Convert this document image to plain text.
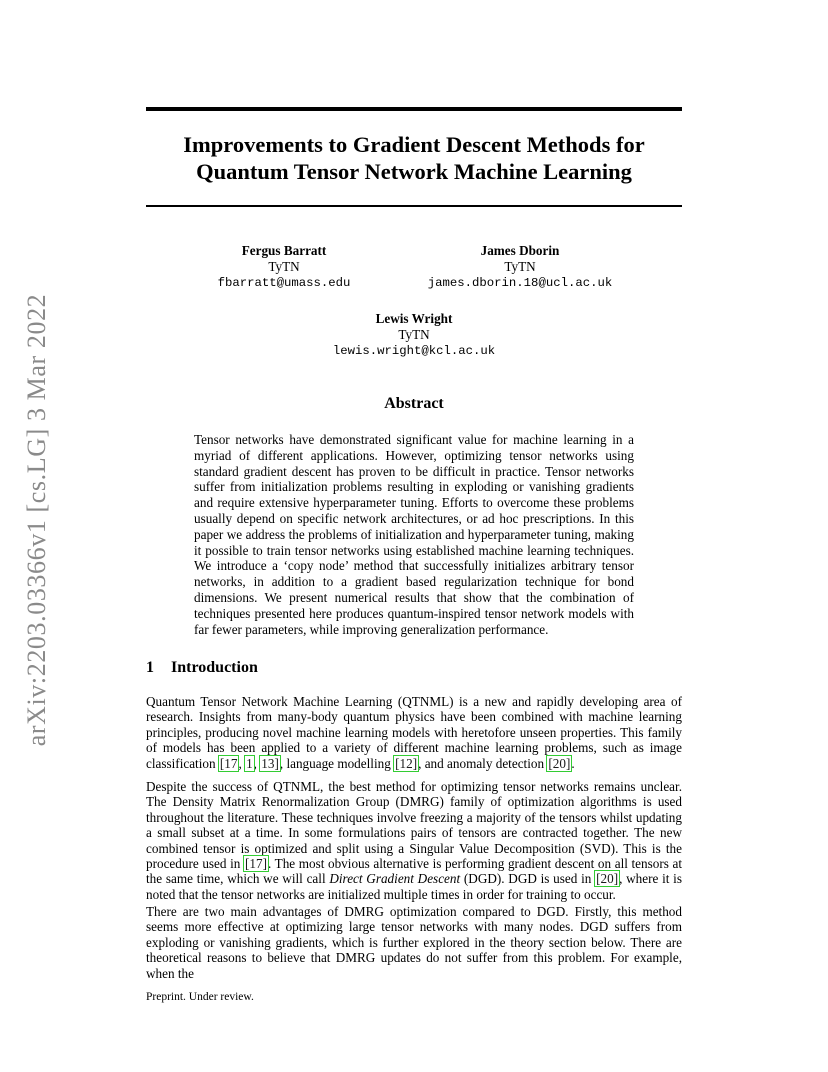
arXiv:2203.03366v1 [cs.LG] 3 Mar 2022
Improvements to Gradient Descent Methods for
Quantum Tensor Network Machine Learning
Fergus Barratt
TyTN
fbarratt@umass.edu
James Dborin
TyTN
james.dborin.18@ucl.ac.uk
Lewis Wright
TyTN
lewis.wright@kcl.ac.uk
Abstract

Tensor networks have demonstrated significant value for machine learning in a myriad of different applications. However, optimizing tensor networks using standard gradient descent has proven to be difficult in practice. Tensor networks suffer from initialization problems resulting in exploding or vanishing gradients and require extensive hyperparameter tuning. Efforts to overcome these problems usually depend on specific network architectures, or ad hoc prescriptions. In this paper we address the problems of initialization and hyperparameter tuning, making it possible to train tensor networks using established machine learning techniques. We introduce a ‘copy node’ method that successfully initializes arbitrary tensor networks, in addition to a gradient based regularization technique for bond dimensions. We present numerical results that show that the combination of techniques presented here produces quantum-inspired tensor network models with far fewer parameters, while improving generalization performance.

1 Introduction

Quantum Tensor Network Machine Learning (QTNML) is a new and rapidly developing area of research. Insights from many-body quantum physics have been combined with machine learning principles, producing novel machine learning models with heretofore unseen properties. This family of models has been applied to a variety of different machine learning problems, such as image classification [17, 1, 13], language modelling [12], and anomaly detection [20].

Despite the success of QTNML, the best method for optimizing tensor networks remains unclear. The Density Matrix Renormalization Group (DMRG) family of optimization algorithms is used throughout the literature. These techniques involve freezing a majority of the tensors whilst updating a small subset at a time. In some formulations pairs of tensors are contracted together. The new combined tensor is optimized and split using a Singular Value Decomposition (SVD). This is the procedure used in [17]. The most obvious alternative is performing gradient descent on all tensors at the same time, which we will call Direct Gradient Descent (DGD). DGD is used in [20], where it is noted that the tensor networks are initialized multiple times in order for training to occur.

There are two main advantages of DMRG optimization compared to DGD. Firstly, this method seems more effective at optimizing large tensor networks with many nodes. DGD suffers from exploding or vanishing gradients, which is further explored in the theory section below. There are theoretical reasons to believe that DMRG updates do not suffer from this problem. For example, when the

Preprint. Under review.
